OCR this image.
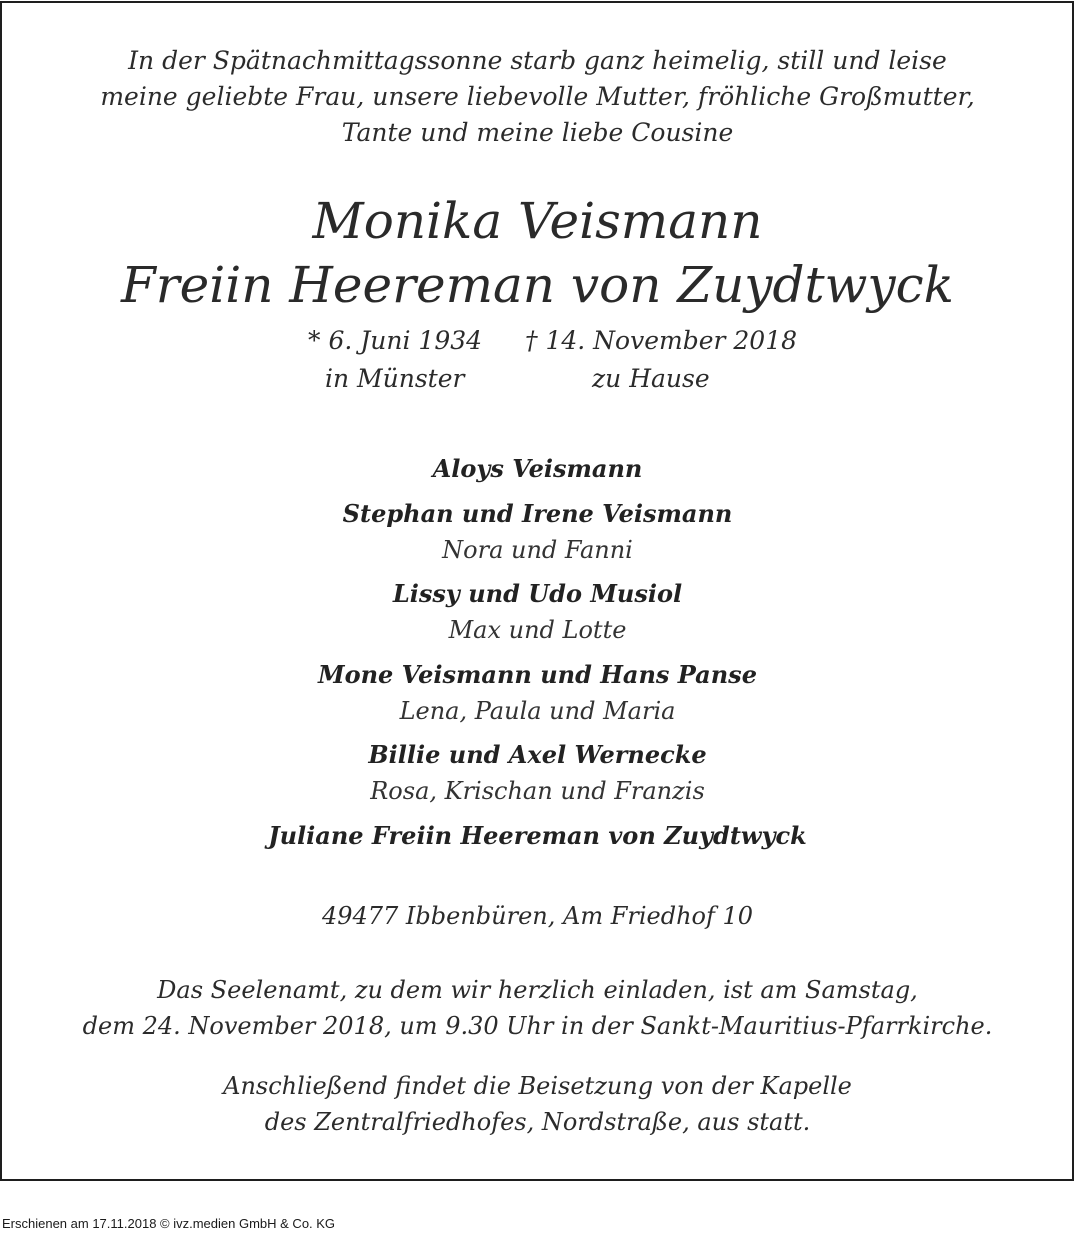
In der Spätnachmittagssonne starb ganz heimelig, still und leise
meine geliebte Frau, unsere liebevolle Mutter, fröhliche Großmutter,
Tante und meine liebe Cousine
Monika Veismann
Freiin Heereman von Zuydtwyck
* 6. Juni 1934
in Münster
† 14. November 2018
zu Hause
Aloys Veismann
Stephan und Irene Veismann
Nora und Fanni
Lissy und Udo Musiol
Max und Lotte
Mone Veismann und Hans Panse
Lena, Paula und Maria
Billie und Axel Wernecke
Rosa, Krischan und Franzis
Juliane Freiin Heereman von Zuydtwyck
49477 Ibbenbüren, Am Friedhof 10
Das Seelenamt, zu dem wir herzlich einladen, ist am Samstag,
dem 24. November 2018, um 9.30 Uhr in der Sankt-Mauritius-Pfarrkirche.
Anschließend findet die Beisetzung von der Kapelle
des Zentralfriedhofes, Nordstraße, aus statt.
Erschienen am 17.11.2018 © ivz.medien GmbH & Co. KG
